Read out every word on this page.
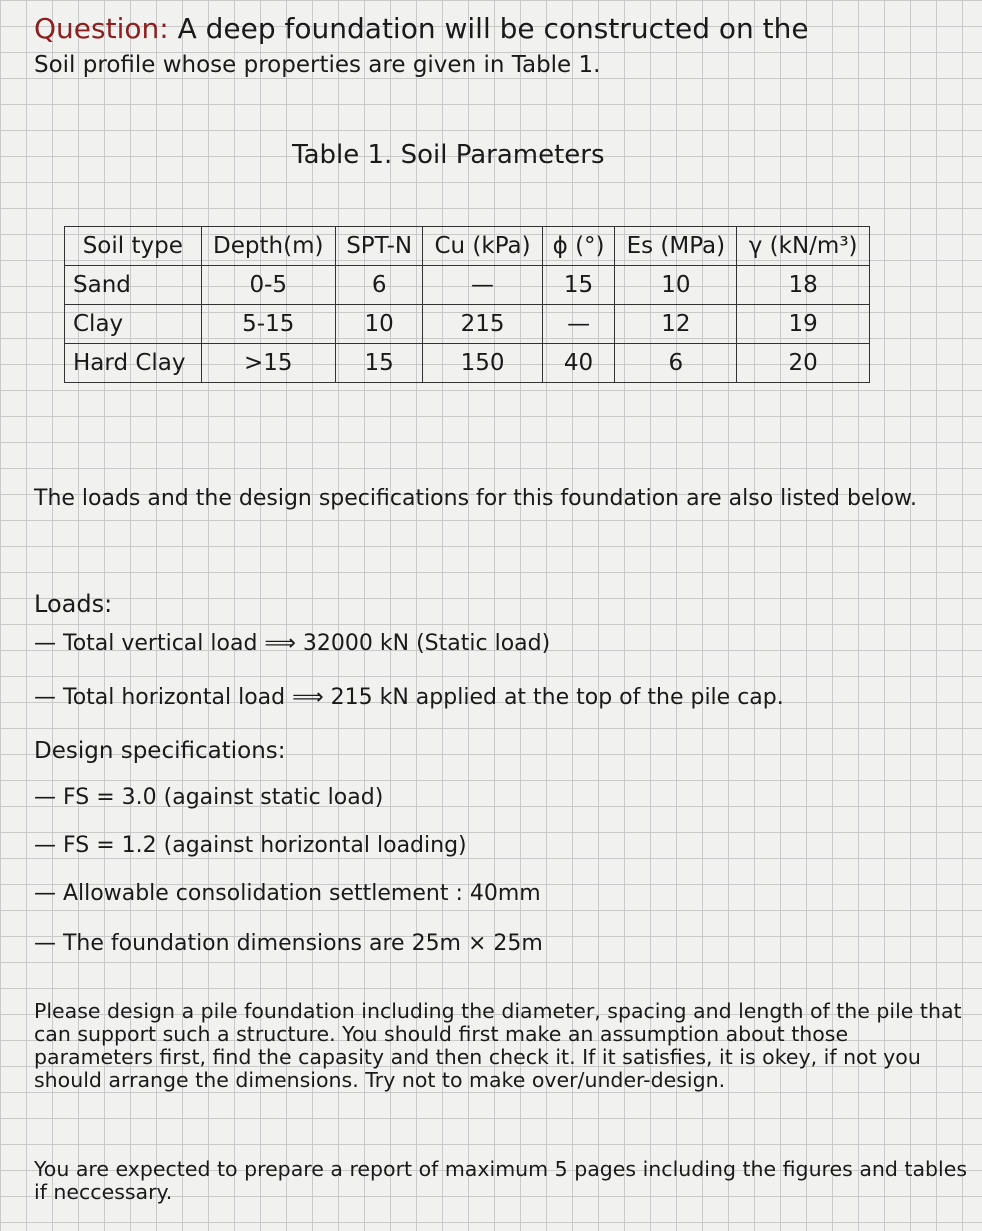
Question: A deep foundation will be constructed on the
Soil profile whose properties are given in Table 1.
Table 1. Soil Parameters
Soil type	Depth(m)	SPT-N	Cu (kPa)	ϕ (°)	Es (MPa)	γ (kN/m³)
Sand	0-5	6	—	15	10	18
Clay	5-15	10	215	—	12	19
Hard Clay	>15	15	150	40	6	20
The loads and the design specifications for this foundation are also listed below.
Loads:
— Total vertical load ⟹ 32000 kN (Static load)
— Total horizontal load ⟹ 215 kN applied at the top of the pile cap.
Design specifications:
— FS = 3.0 (against static load)
— FS = 1.2 (against horizontal loading)
— Allowable consolidation settlement : 40mm
— The foundation dimensions are 25m × 25m
Please design a pile foundation including the diameter, spacing and length of the pile that can support such a structure. You should first make an assumption about those parameters first, find the capasity and then check it. If it satisfies, it is okey, if not you should arrange the dimensions. Try not to make over/under-design.
You are expected to prepare a report of maximum 5 pages including the figures and tables if neccessary.
